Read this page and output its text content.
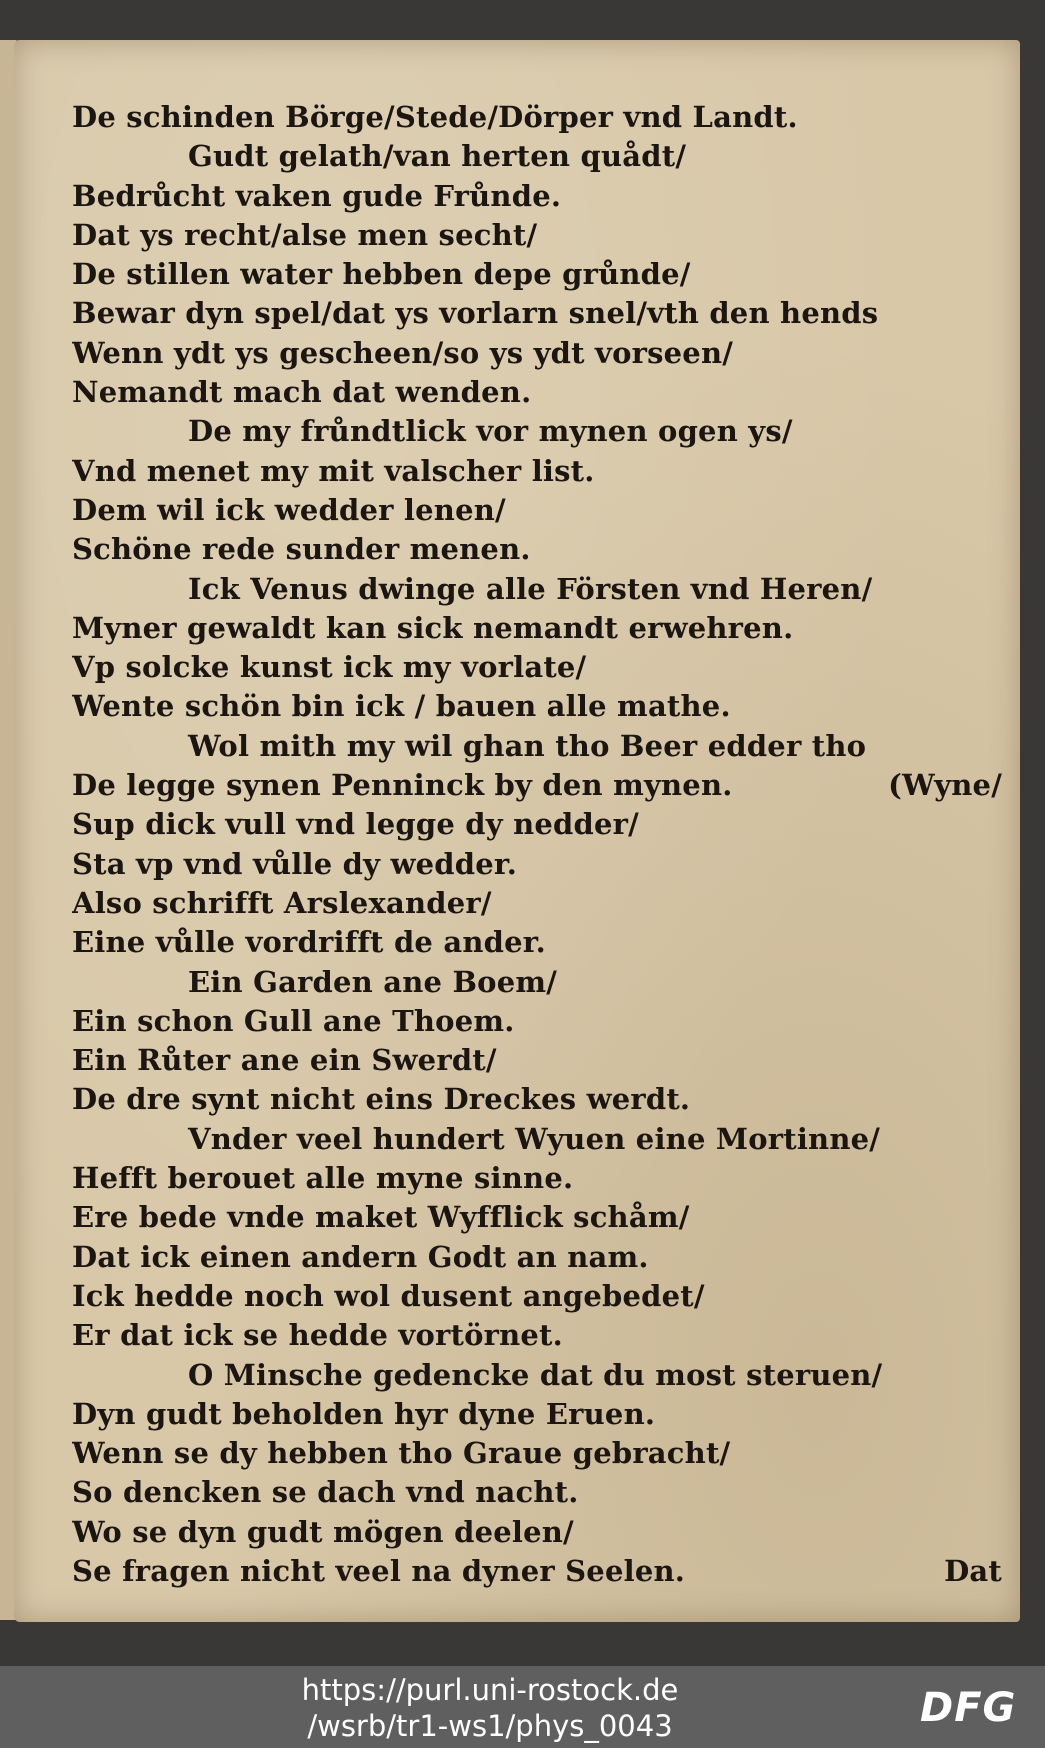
De schinden Börge/Stede/Dörper vnd Landt.
Gudt gelath/van herten quådt/
Bedrůcht vaken gude Frůnde.
Dat ys recht/alse men secht/
De stillen water hebben depe grůnde/
Bewar dyn spel/dat ys vorlarn snel/vth den hends
Wenn ydt ys gescheen/so ys ydt vorseen/
Nemandt mach dat wenden.
De my frůndtlick vor mynen ogen ys/
Vnd menet my mit valscher list.
Dem wil ick wedder lenen/
Schöne rede sunder menen.
Ick Venus dwinge alle Försten vnd Heren/
Myner gewaldt kan sick nemandt erwehren.
Vp solcke kunst ick my vorlate/
Wente schön bin ick / bauen alle mathe.
Wol mith my wil ghan tho Beer edder tho
De legge synen Penninck by den mynen.	(Wyne/
Sup dick vull vnd legge dy nedder/
Sta vp vnd vůlle dy wedder.
Also schrifft Arslexander/
Eine vůlle vordrifft de ander.
Ein Garden ane Boem/
Ein schon Gull ane Thoem.
Ein Růter ane ein Swerdt/
De dre synt nicht eins Dreckes werdt.
Vnder veel hundert Wyuen eine Mortinne/
Hefft berouet alle myne sinne.
Ere bede vnde maket Wyfflick schåm/
Dat ick einen andern Godt an nam.
Ick hedde noch wol dusent angebedet/
Er dat ick se hedde vortörnet.
O Minsche gedencke dat du most steruen/
Dyn gudt beholden hyr dyne Eruen.
Wenn se dy hebben tho Graue gebracht/
So dencken se dach vnd nacht.
Wo se dyn gudt mögen deelen/
Se fragen nicht veel na dyner Seelen.	Dat
https://purl.uni-rostock.de
/wsrb/tr1-ws1/phys_0043	DFG
